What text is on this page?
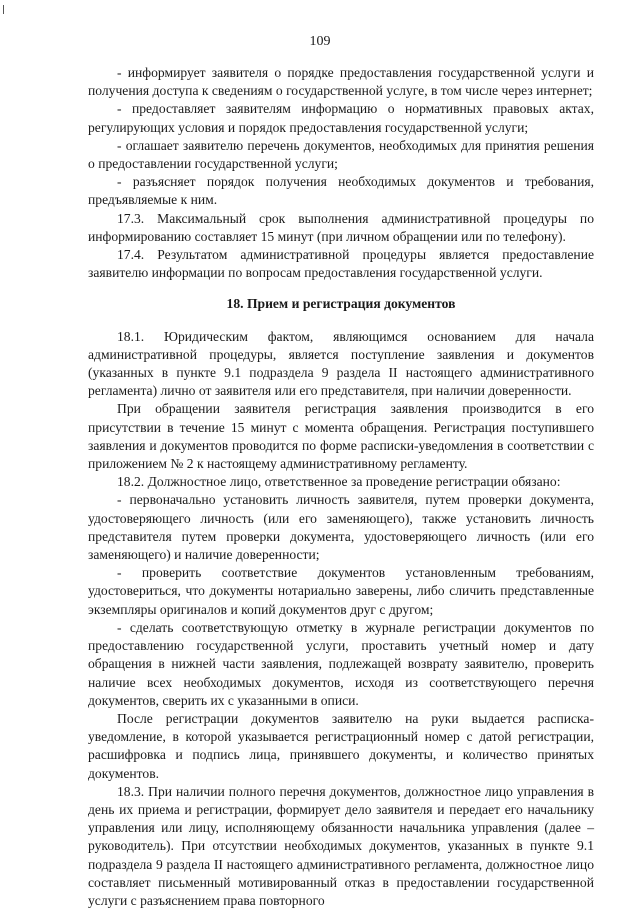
109

- информирует заявителя о порядке предоставления государственной услуги и получения доступа к сведениям о государственной услуге, в том числе через интернет;

- предоставляет заявителям информацию о нормативных правовых актах, регулирующих условия и порядок предоставления государственной услуги;

- оглашает заявителю перечень документов, необходимых для принятия решения о предоставлении государственной услуги;

- разъясняет порядок получения необходимых документов и требования, предъявляемые к ним.

17.3. Максимальный срок выполнения административной процедуры по информированию составляет 15 минут (при личном обращении или по телефону).

17.4. Результатом административной процедуры является предоставление заявителю информации по вопросам предоставления государственной услуги.

18. Прием и регистрация документов

18.1. Юридическим фактом, являющимся основанием для начала административной процедуры, является поступление заявления и документов (указанных в пункте 9.1 подраздела 9 раздела II настоящего административного регламента) лично от заявителя или его представителя, при наличии доверенности.

При обращении заявителя регистрация заявления производится в его присутствии в течение 15 минут с момента обращения. Регистрация поступившего заявления и документов проводится по форме расписки-уведомления в соответствии с приложением № 2 к настоящему административному регламенту.

18.2. Должностное лицо, ответственное за проведение регистрации обязано:

- первоначально установить личность заявителя, путем проверки документа, удостоверяющего личность (или его заменяющего), также установить личность представителя путем проверки документа, удостоверяющего личность (или его заменяющего) и наличие доверенности;

- проверить соответствие документов установленным требованиям, удостовериться, что документы нотариально заверены, либо сличить представленные экземпляры оригиналов и копий документов друг с другом;

- сделать соответствующую отметку в журнале регистрации документов по предоставлению государственной услуги, проставить учетный номер и дату обращения в нижней части заявления, подлежащей возврату заявителю, проверить наличие всех необходимых документов, исходя из соответствующего перечня документов, сверить их с указанными в описи.

После регистрации документов заявителю на руки выдается расписка-уведомление, в которой указывается регистрационный номер с датой регистрации, расшифровка и подпись лица, принявшего документы, и количество принятых документов.

18.3. При наличии полного перечня документов, должностное лицо управления в день их приема и регистрации, формирует дело заявителя и передает его начальнику управления или лицу, исполняющему обязанности начальника управления (далее – руководитель). При отсутствии необходимых документов, указанных в пункте 9.1 подраздела 9 раздела II настоящего административного регламента, должностное лицо составляет письменный мотивированный отказ в предоставлении государственной услуги с разъяснением права повторного
